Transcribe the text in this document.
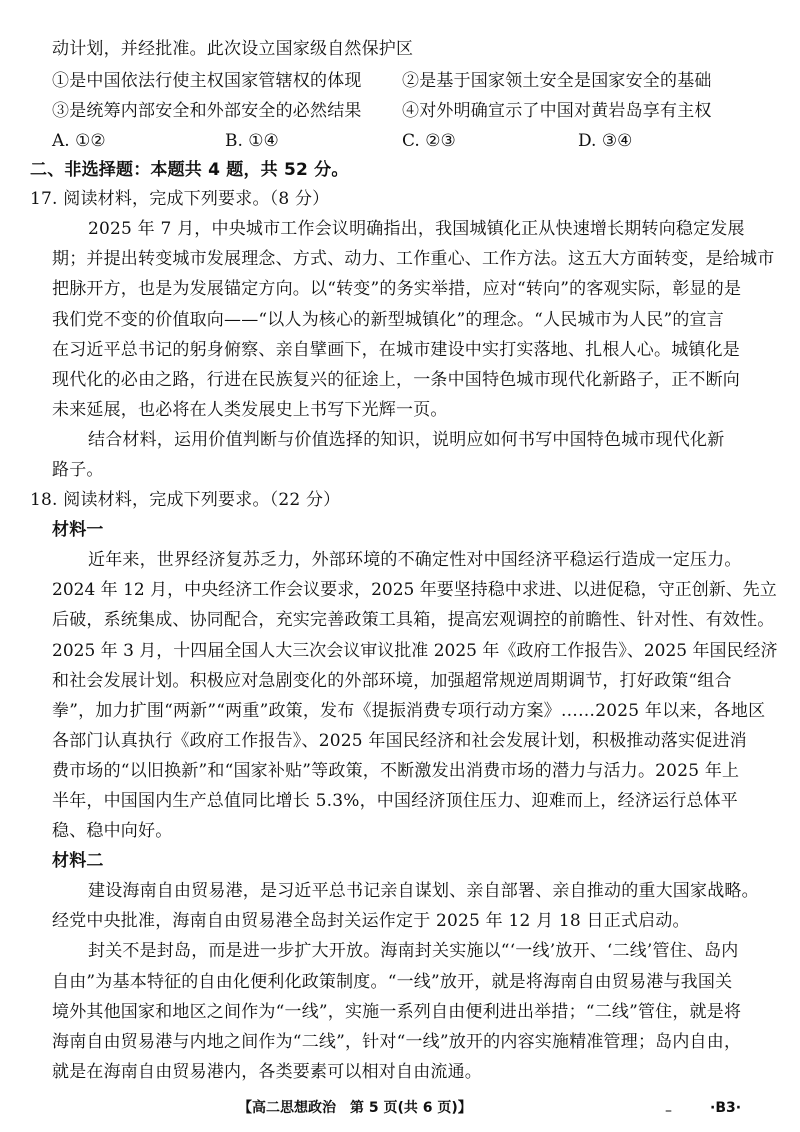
动计划，并经批准。此次设立国家级自然保护区
①是中国依法行使主权国家管辖权的体现 ②是基于国家领土安全是国家安全的基础
③是统筹内部安全和外部安全的必然结果 ④对外明确宣示了中国对黄岩岛享有主权
A. ①②	B. ①④	C. ②③	D. ③④
二、非选择题：本题共 4 题，共 52 分。
17. 阅读材料，完成下列要求。（8 分）
2025 年 7 月，中央城市工作会议明确指出，我国城镇化正从快速增长期转向稳定发展
期；并提出转变城市发展理念、方式、动力、工作重心、工作方法。这五大方面转变，是给城市
把脉开方，也是为发展锚定方向。以“转变”的务实举措，应对“转向”的客观实际，彰显的是
我们党不变的价值取向——“以人为核心的新型城镇化”的理念。“人民城市为人民”的宣言
在习近平总书记的躬身俯察、亲自擘画下，在城市建设中实打实落地、扎根人心。城镇化是
现代化的必由之路，行进在民族复兴的征途上，一条中国特色城市现代化新路子，正不断向
未来延展，也必将在人类发展史上书写下光辉一页。
结合材料，运用价值判断与价值选择的知识，说明应如何书写中国特色城市现代化新
路子。
18. 阅读材料，完成下列要求。（22 分）
材料一
近年来，世界经济复苏乏力，外部环境的不确定性对中国经济平稳运行造成一定压力。
2024 年 12 月，中央经济工作会议要求，2025 年要坚持稳中求进、以进促稳，守正创新、先立
后破，系统集成、协同配合，充实完善政策工具箱，提高宏观调控的前瞻性、针对性、有效性。
2025 年 3 月，十四届全国人大三次会议审议批准 2025 年《政府工作报告》、2025 年国民经济
和社会发展计划。积极应对急剧变化的外部环境，加强超常规逆周期调节，打好政策“组合
拳”，加力扩围“两新”“两重”政策，发布《提振消费专项行动方案》……2025 年以来，各地区
各部门认真执行《政府工作报告》、2025 年国民经济和社会发展计划，积极推动落实促进消
费市场的“以旧换新”和“国家补贴”等政策，不断激发出消费市场的潜力与活力。2025 年上
半年，中国国内生产总值同比增长 5.3%，中国经济顶住压力、迎难而上，经济运行总体平
稳、稳中向好。
材料二
建设海南自由贸易港，是习近平总书记亲自谋划、亲自部署、亲自推动的重大国家战略。
经党中央批准，海南自由贸易港全岛封关运作定于 2025 年 12 月 18 日正式启动。
封关不是封岛，而是进一步扩大开放。海南封关实施以“‘一线’放开、‘二线’管住、岛内
自由”为基本特征的自由化便利化政策制度。“一线”放开，就是将海南自由贸易港与我国关
境外其他国家和地区之间作为“一线”，实施一系列自由便利进出举措；“二线”管住，就是将
海南自由贸易港与内地之间作为“二线”，针对“一线”放开的内容实施精准管理；岛内自由，
就是在海南自由贸易港内，各类要素可以相对自由流通。
【高二思想政治　第 5 页(共 6 页)】	–	·B3·
